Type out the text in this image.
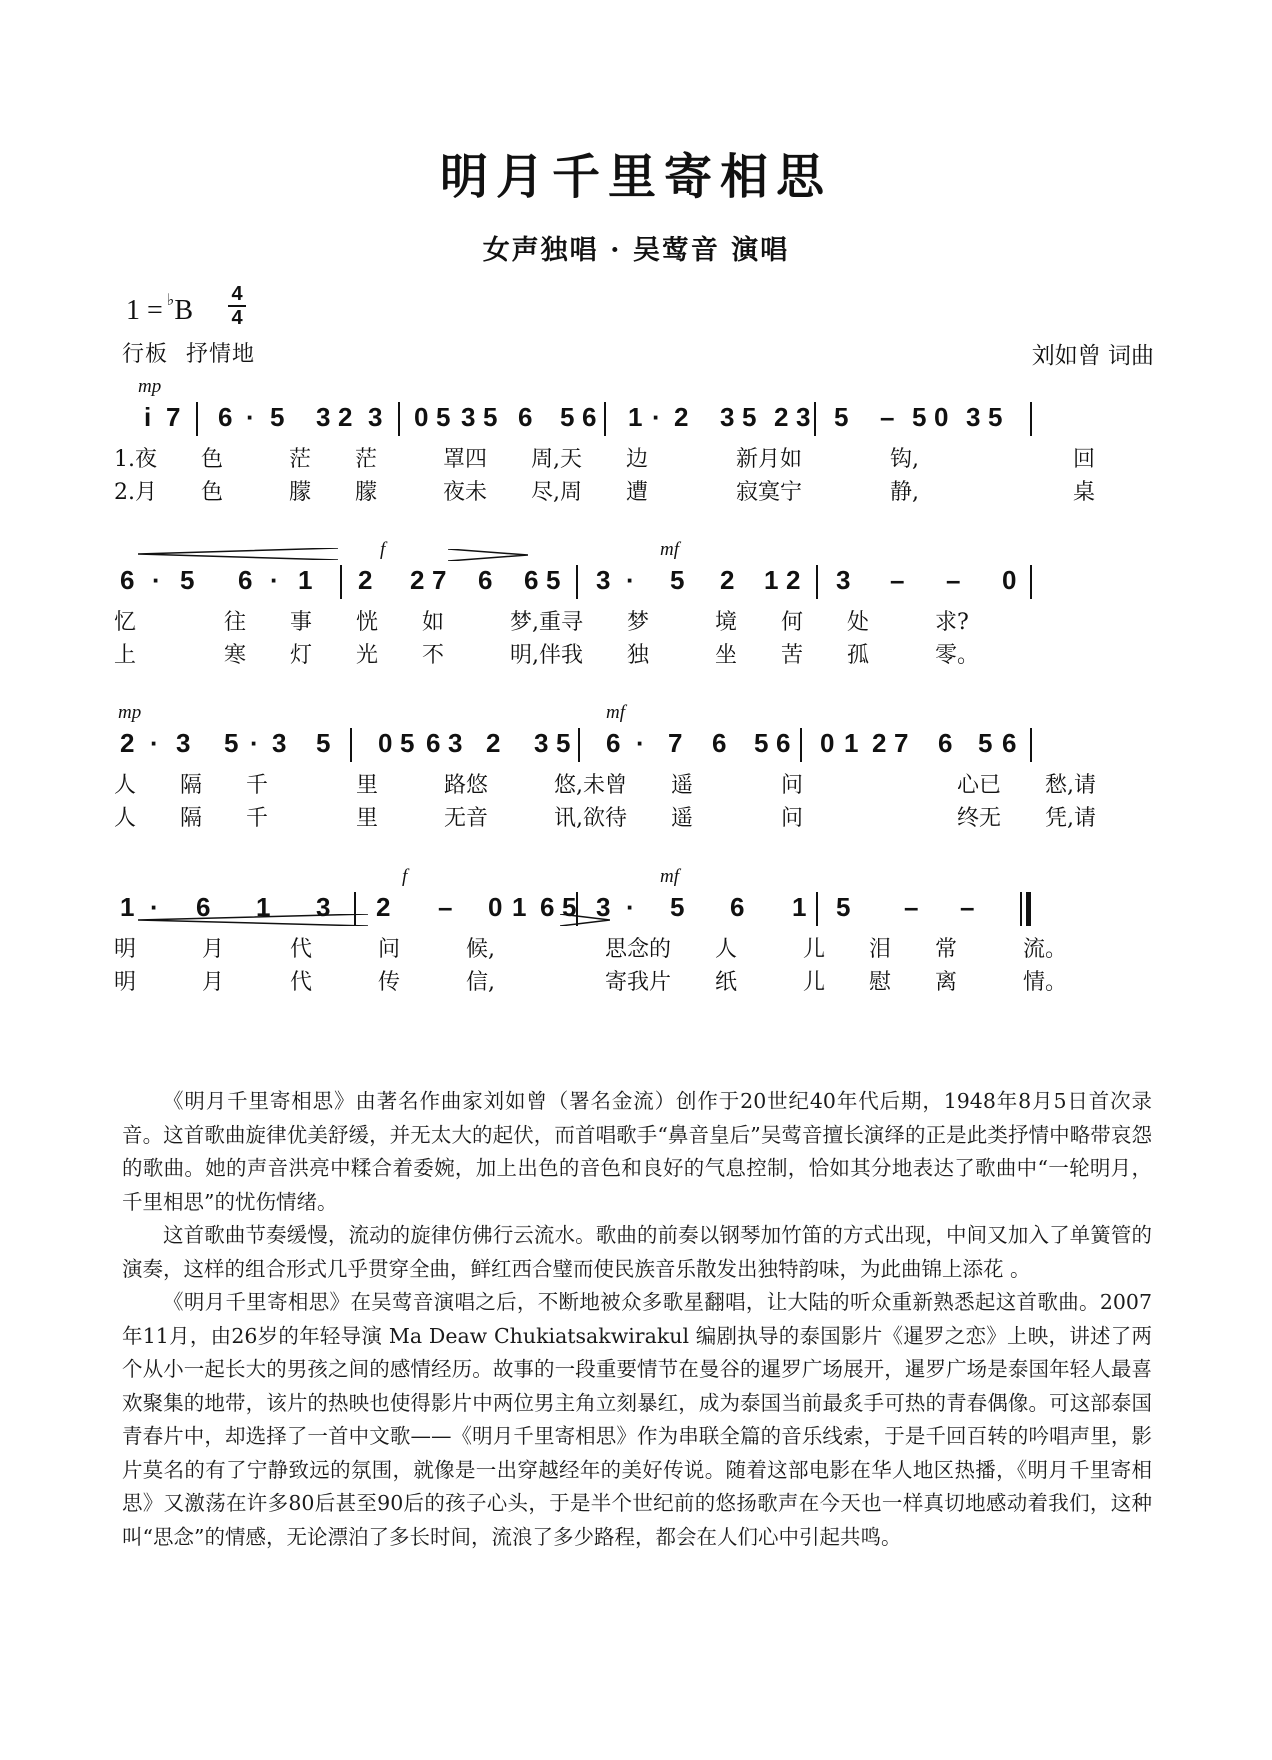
明月千里寄相思
女声独唱 · 吴莺音 演唱
1 = ♭B
4
4
行板 抒情地	刘如曾 词曲
mp
i 7 6 · 5 3 2 3 0 5 3 5 6 5 6 1 · 2 3 5 2 3 5 – 5 0 3 5
1.夜　　色　　　茫　　茫　　　罩四　　周,天　　边　　　　新月如　　　　钩,　　　　　　　回
2.月　　色　　　朦　　朦　　　夜未　　尽,周　　遭　　　　寂寞宁　　　　静,　　　　　　　桌
f	mf
6 · 5 6 · 1 2 2 7 6 6 5 3 · 5 2 1 2 3 – – 0
忆　　　　往　　事　　恍　　如　　　梦,重寻　　梦　　　境　　何　　处　　　求?
上　　　　寒　　灯　　光　　不　　　明,伴我　　独　　　坐　　苦　　孤　　　零。
mp	mf
2 · 3 5 · 3 5 0 5 6 3 2 3 5 6 · 7 6 5 6 0 1 2 7 6 5 6
人　　隔　　千　　　　里　　　路悠　　　悠,未曾　　遥　　　　问　　　　　　　心已　　愁,请
人　　隔　　千　　　　里　　　无音　　　讯,欲待　　遥　　　　问　　　　　　　终无　　凭,请
f	mf
1 · 6 1 3 2 – 0 1 6 5 3 · 5 6 1 5 – –
明　　　月　　　代　　　问　　　候,　　　　　思念的　　人　　　儿　　泪　　常　　　流。
明　　　月　　　代　　　传　　　信,　　　　　寄我片　　纸　　　儿　　慰　　离　　　情。

《明月千里寄相思》由著名作曲家刘如曾（署名金流）创作于20世纪40年代后期，1948年8月5日首次录音。这首歌曲旋律优美舒缓，并无太大的起伏，而首唱歌手“鼻音皇后”吴莺音擅长演绎的正是此类抒情中略带哀怨的歌曲。她的声音洪亮中糅合着委婉，加上出色的音色和良好的气息控制，恰如其分地表达了歌曲中“一轮明月，千里相思”的忧伤情绪。

这首歌曲节奏缓慢，流动的旋律仿佛行云流水。歌曲的前奏以钢琴加竹笛的方式出现，中间又加入了单簧管的演奏，这样的组合形式几乎贯穿全曲，鲜红西合璧而使民族音乐散发出独特韵味，为此曲锦上添花 。

《明月千里寄相思》在吴莺音演唱之后，不断地被众多歌星翻唱，让大陆的听众重新熟悉起这首歌曲。2007年11月，由26岁的年轻导演 Ma Deaw Chukiatsakwirakul 编剧执导的泰国影片《暹罗之恋》上映，讲述了两个从小一起长大的男孩之间的感情经历。故事的一段重要情节在曼谷的暹罗广场展开，暹罗广场是泰国年轻人最喜欢聚集的地带，该片的热映也使得影片中两位男主角立刻暴红，成为泰国当前最炙手可热的青春偶像。可这部泰国青春片中，却选择了一首中文歌——《明月千里寄相思》作为串联全篇的音乐线索，于是千回百转的吟唱声里，影片莫名的有了宁静致远的氛围，就像是一出穿越经年的美好传说。随着这部电影在华人地区热播，《明月千里寄相思》又激荡在许多80后甚至90后的孩子心头，于是半个世纪前的悠扬歌声在今天也一样真切地感动着我们，这种叫“思念”的情感，无论漂泊了多长时间，流浪了多少路程，都会在人们心中引起共鸣。
